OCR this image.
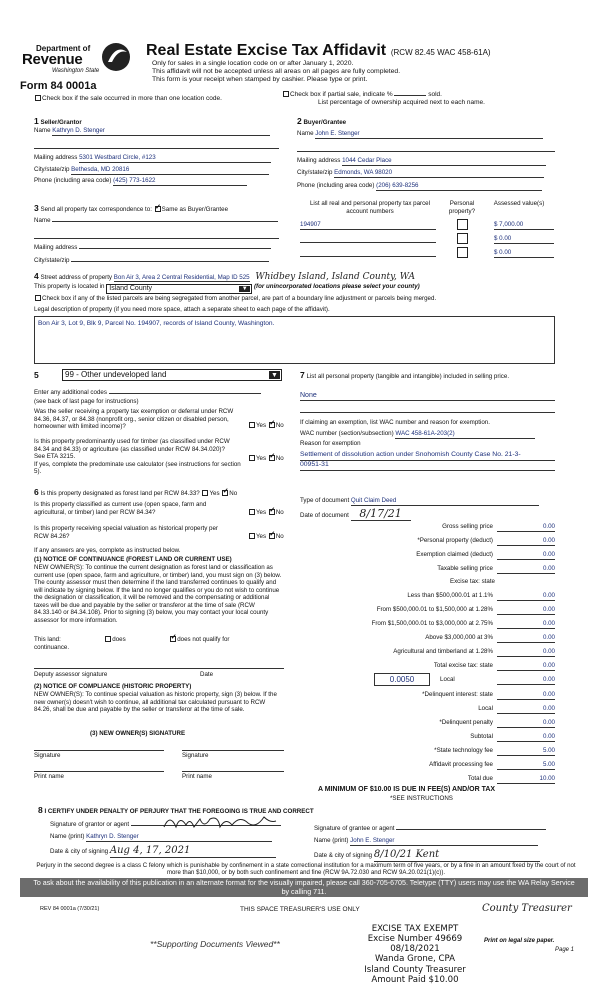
Department of
Revenue
Washington State
Form 84 0001a
Real Estate Excise Tax Affidavit (RCW 82.45 WAC 458-61A)
Only for sales in a single location code on or after January 1, 2020.
This affidavit will not be accepted unless all areas on all pages are fully completed.
This form is your receipt when stamped by cashier. Please type or print.
Check box if the sale occurred in more than one location code.
Check box if partial sale, indicate %	sold.
List percentage of ownership acquired next to each name.
1 Seller/Grantor
Name Kathryn D. Stenger
Mailing address 5301 Westbard Circle, #123
City/state/zip Bethesda, MD 20816
Phone (including area code) (425) 773-1622
2 Buyer/Grantee
Name John E. Stenger
Mailing address 1044 Cedar Place
City/state/zip Edmonds, WA 98020
Phone (including area code) (206) 639-8256
3 Send all property tax correspondence to: ✓ Same as Buyer/Grantee
Name
Mailing address
City/state/zip
List all real and personal property tax parcel account numbers
Personal property?
Assessed value(s)
194907	$ 7,000.00
$ 0.00
$ 0.00
4 Street address of property Bon Air 3, Area 2 Central Residential, Map ID 525 Whidbey Island, Island County, WA
This property is located in Island County	▼	(for unincorporated locations please select your county)
Check box if any of the listed parcels are being segregated from another parcel, are part of a boundary line adjustment or parcels being merged.
Legal description of property (if you need more space, attach a separate sheet to each page of the affidavit).
Bon Air 3, Lot 9, Blk 9, Parcel No. 194907, records of Island County, Washington.
5	99 - Other undeveloped land	▼
Enter any additional codes
(see back of last page for instructions)
Was the seller receiving a property tax exemption or deferral under RCW 84.36, 84.37, or 84.38 (nonprofit org., senior citizen or disabled person, homeowner with limited income)?	Yes ✓ No
Is this property predominantly used for timber (as classified under RCW 84.34 and 84.33) or agriculture (as classified under RCW 84.34.020)? See ETA 3215.
If yes, complete the predominate use calculator (see instructions for section 5).
Yes ✓ No
6 Is this property designated as forest land per RCW 84.33? Yes ✓ No
Is this property classified as current use (open space, farm and agricultural, or timber) land per RCW 84.34?	Yes ✓ No
Is this property receiving special valuation as historical property per RCW 84.26?	Yes ✓ No
If any answers are yes, complete as instructed below.
(1) NOTICE OF CONTINUANCE (FOREST LAND OR CURRENT USE)
NEW OWNER(S): To continue the current designation as forest land or classification as current use (open space, farm and agriculture, or timber) land, you must sign on (3) below. The county assessor must then determine if the land transferred continues to qualify and will indicate by signing below. If the land no longer qualifies or you do not wish to continue the designation or classification, it will be removed and the compensating or additional taxes will be due and payable by the seller or transferor at the time of sale (RCW 84.33.140 or 84.34.108). Prior to signing (3) below, you may contact your local county assessor for more information.
This land:	does ✓	does not qualify for
continuance.
Deputy assessor signature	Date
(2) NOTICE OF COMPLIANCE (HISTORIC PROPERTY)
NEW OWNER(S): To continue special valuation as historic property, sign (3) below. If the new owner(s) doesn't wish to continue, all additional tax calculated pursuant to RCW 84.26, shall be due and payable by the seller or transferor at the time of sale.
(3) NEW OWNER(S) SIGNATURE
Signature	Signature
Print name	Print name
7 List all personal property (tangible and intangible) included in selling price.
None
If claiming an exemption, list WAC number and reason for exemption.
WAC number (section/subsection) WAC 458-61A-203(2)
Reason for exemption
Settlement of dissolution action under Snohomish County Case No. 21-3-00951-31
Type of document Quit Claim Deed
Date of document 8/17/21
Gross selling price	0.00
*Personal property (deduct)	0.00
Exemption claimed (deduct)	0.00
Taxable selling price	0.00
Excise tax: state
Less than $500,000.01 at 1.1%	0.00
From $500,000.01 to $1,500,000 at 1.28%	0.00
From $1,500,000.01 to $3,000,000 at 2.75%	0.00
Above $3,000,000 at 3%	0.00
Agricultural and timberland at 1.28%	0.00
Total excise tax: state	0.00
0.0050	Local	0.00
*Delinquent interest: state	0.00
Local	0.00
*Delinquent penalty	0.00
Subtotal	0.00
*State technology fee	5.00
Affidavit processing fee	5.00
Total due	10.00
A MINIMUM OF $10.00 IS DUE IN FEE(S) AND/OR TAX
*SEE INSTRUCTIONS
8 I CERTIFY UNDER PENALTY OF PERJURY THAT THE FOREGOING IS TRUE AND CORRECT
Signature of grantor or agent
Name (print) Kathryn D. Stenger
Date & city of signing Aug 4, 17, 2021
Signature of grantee or agent
Name (print) John E. Stenger
Date & city of signing 8/10/21 Kent
Perjury in the second degree is a class C felony which is punishable by confinement in a state correctional institution for a maximum term of five years, or by a fine in an amount fixed by the court of not more than $10,000, or by both such confinement and fine (RCW 9A.72.030 and RCW 9A.20.021(1)(c)).
To ask about the availability of this publication in an alternate format for the visually impaired, please call 360-705-6705. Teletype (TTY) users may use the WA Relay Service by calling 711.
REV 84 0001a (7/30/21)	THIS SPACE TREASURER'S USE ONLY	County Treasurer
EXCISE TAX EXEMPT
Excise Number 49669
08/18/2021
Wanda Grone, CPA
Island County Treasurer
Amount Paid $10.00
**Supporting Documents Viewed**	Print on legal size paper.
Page 1
